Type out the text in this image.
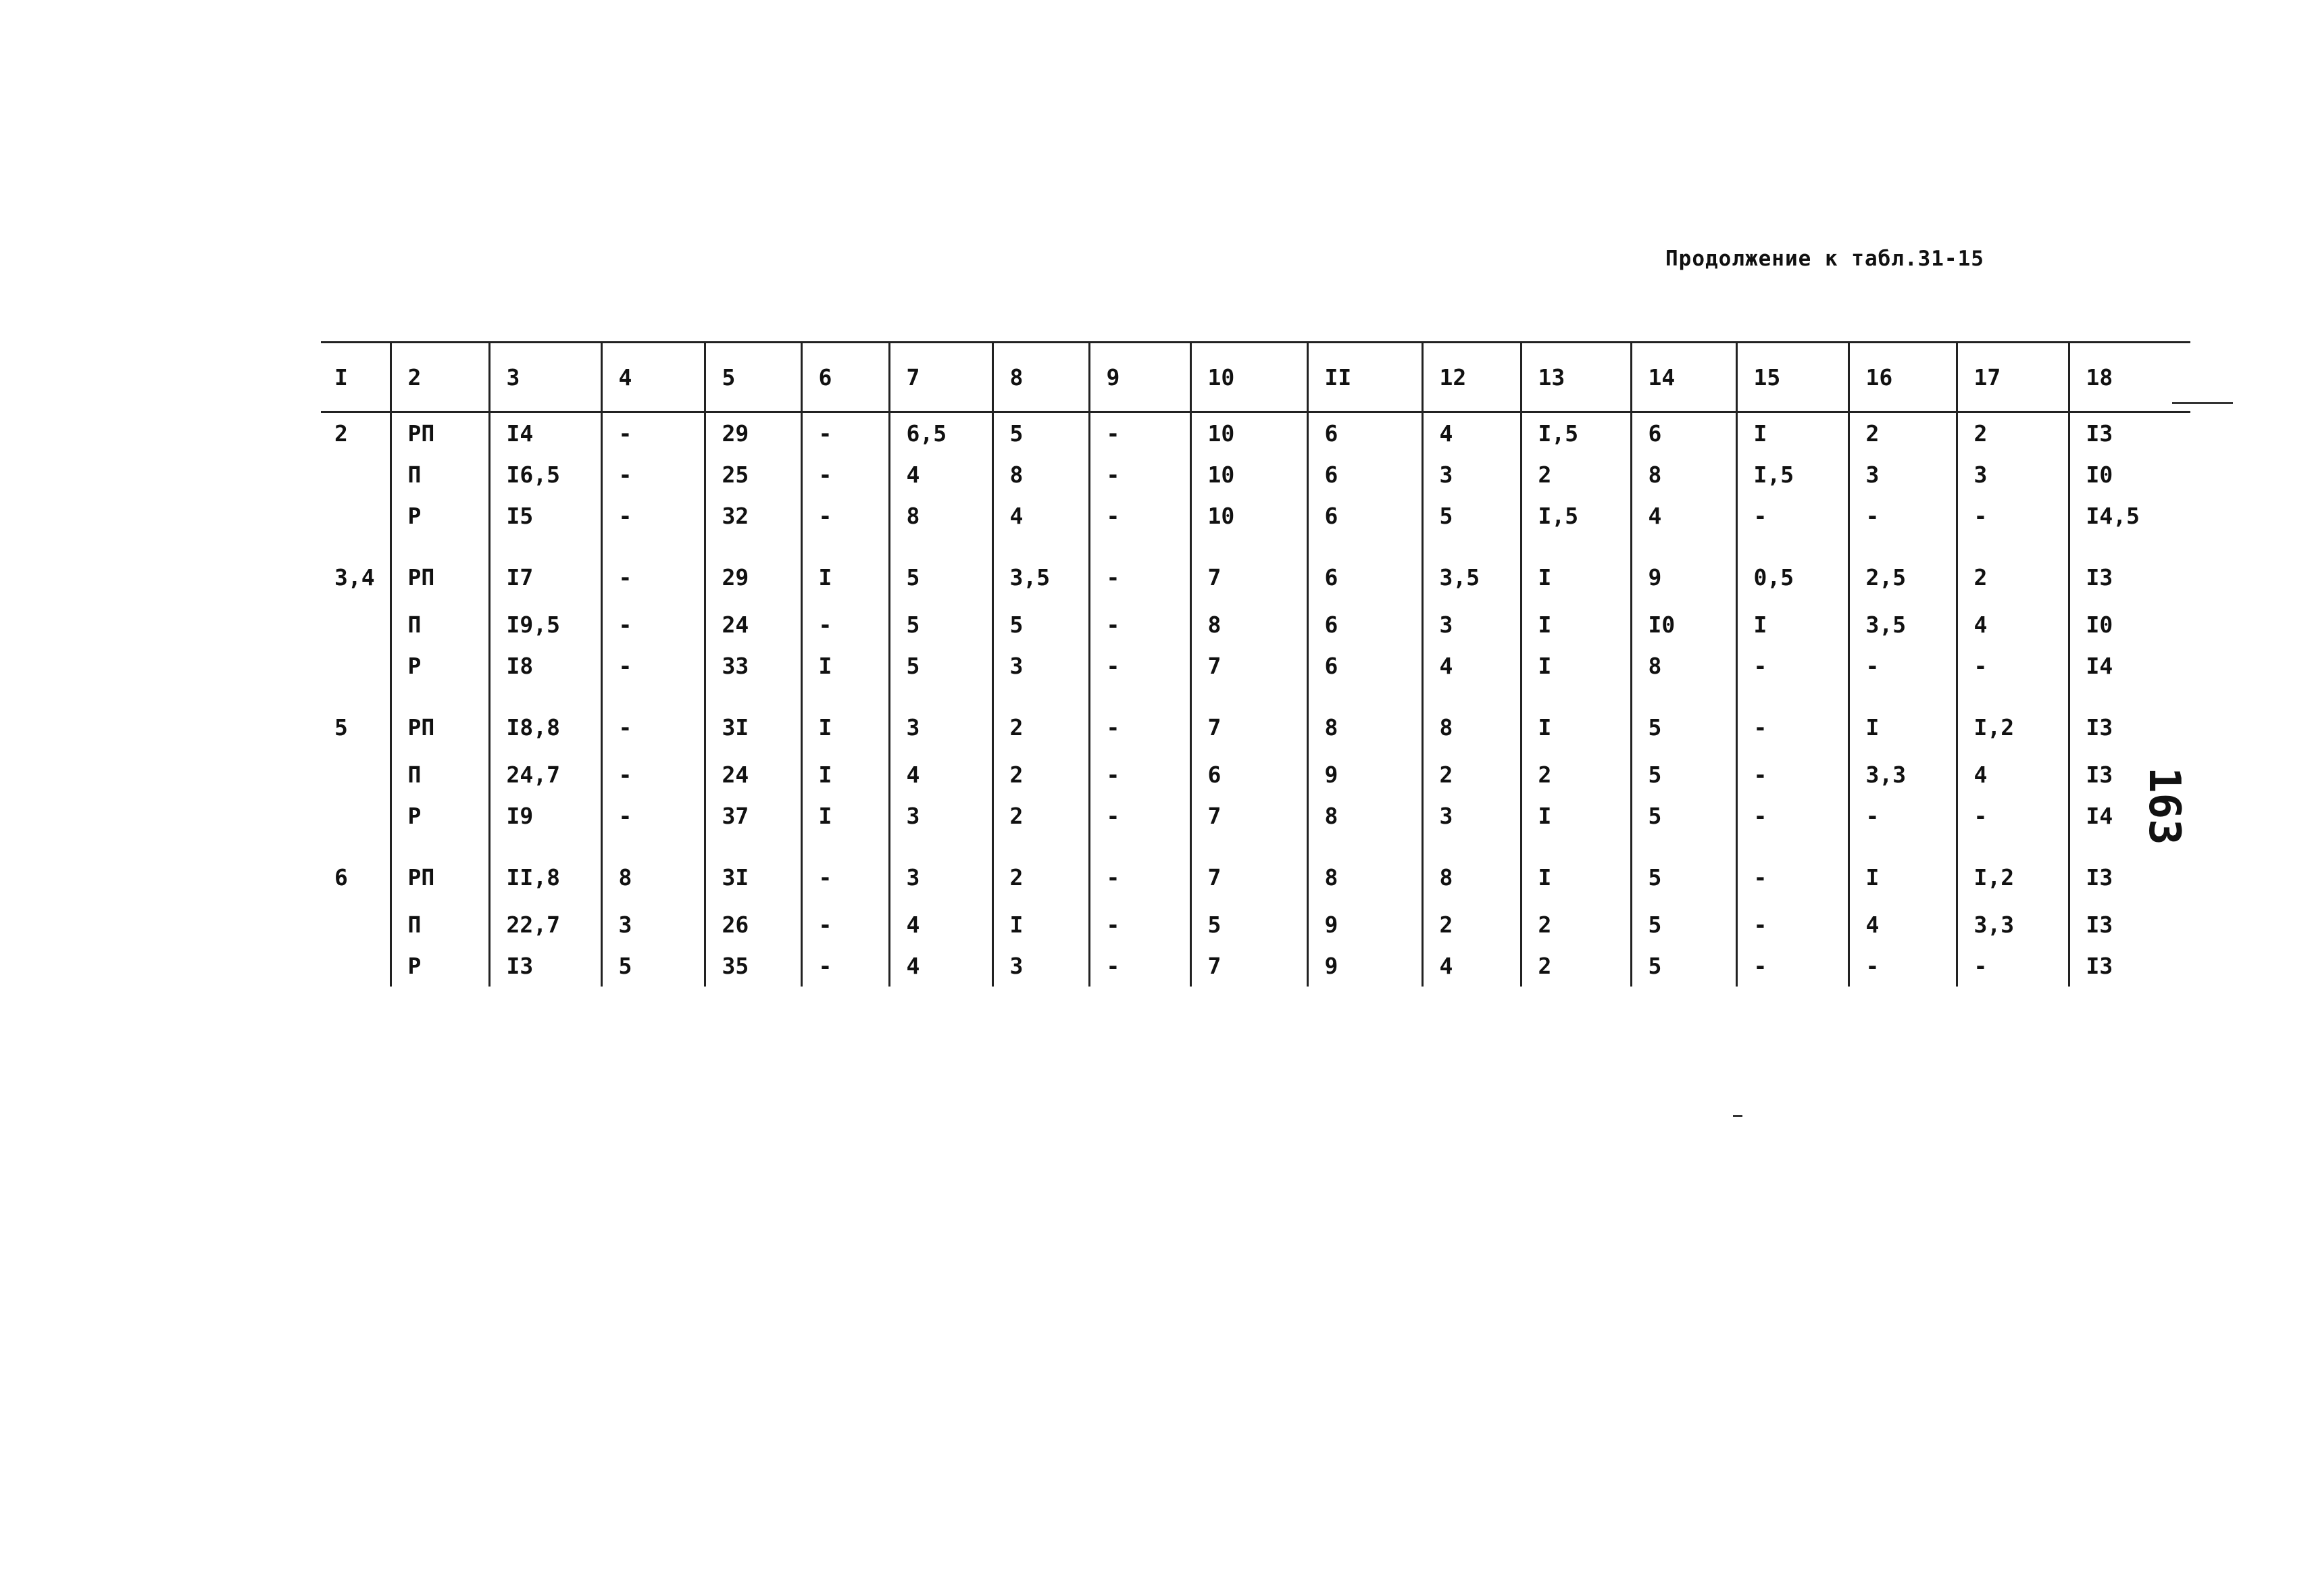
Продолжение к табл.31-15
163
I	2	3	4	5	6	7	8	9	10	II	12	13	14	15	16	17	18
2	РП	I4	-	29	-	6,5	5	-	10	6	4	I,5	6	I	2	2	I3
	П	I6,5	-	25	-	4	8	-	10	6	3	2	8	I,5	3	3	I0
	Р	I5	-	32	-	8	4	-	10	6	5	I,5	4	-	-	-	I4,5
3,4	РП	I7	-	29	I	5	3,5	-	7	6	3,5	I	9	0,5	2,5	2	I3
	П	I9,5	-	24	-	5	5	-	8	6	3	I	I0	I	3,5	4	I0
	Р	I8	-	33	I	5	3	-	7	6	4	I	8	-	-	-	I4
5	РП	I8,8	-	3I	I	3	2	-	7	8	8	I	5	-	I	I,2	I3
	П	24,7	-	24	I	4	2	-	6	9	2	2	5	-	3,3	4	I3
	Р	I9	-	37	I	3	2	-	7	8	3	I	5	-	-	-	I4
6	РП	II,8	8	3I	-	3	2	-	7	8	8	I	5	-	I	I,2	I3
	П	22,7	3	26	-	4	I	-	5	9	2	2	5	-	4	3,3	I3
	Р	I3	5	35	-	4	3	-	7	9	4	2	5	-	-	-	I3
